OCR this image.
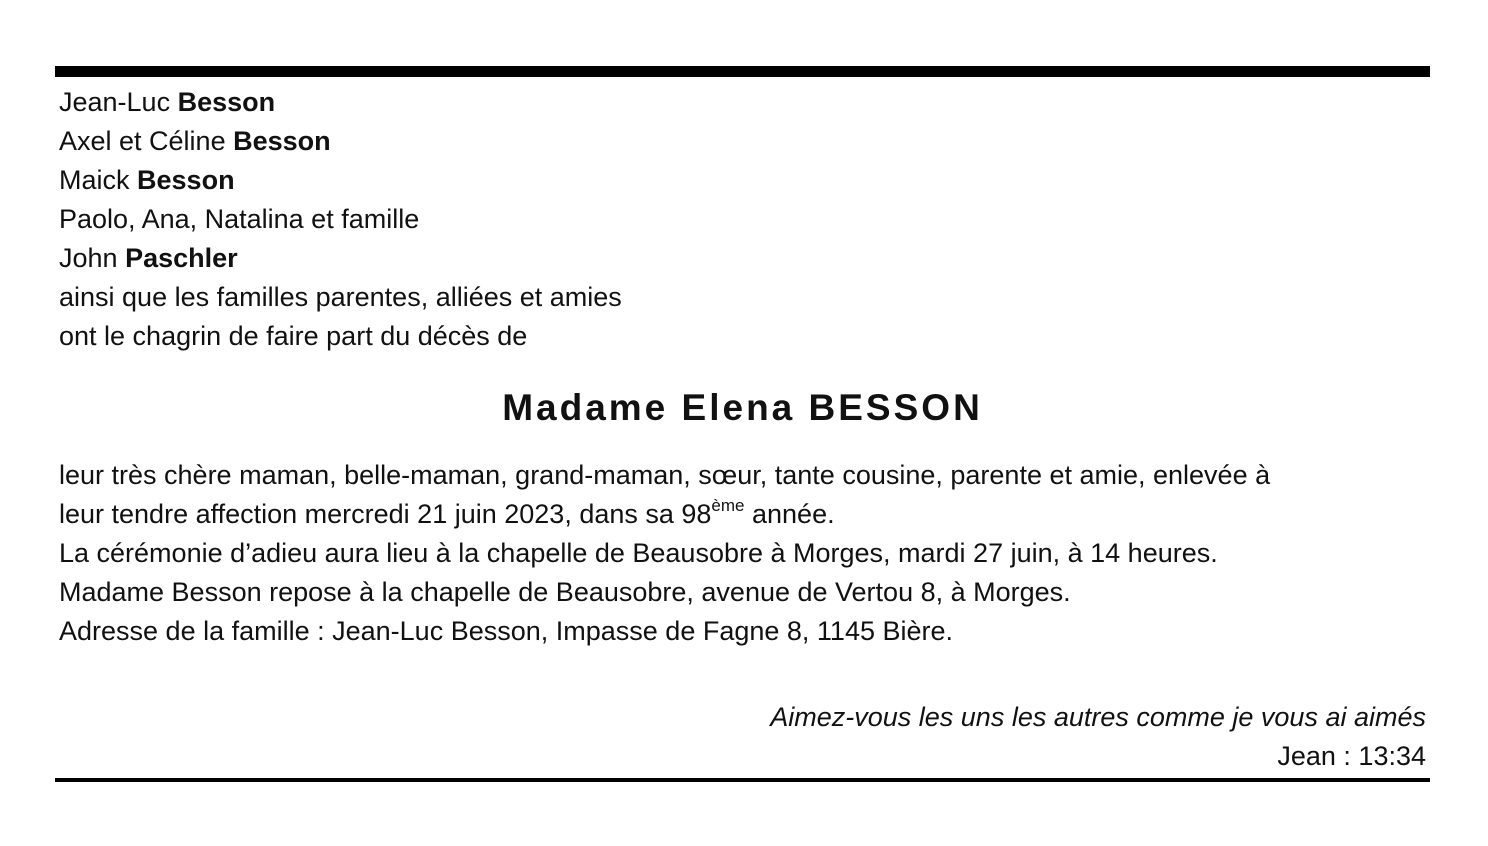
Jean-Luc Besson
Axel et Céline Besson
Maick Besson
Paolo, Ana, Natalina et famille
John Paschler
ainsi que les familles parentes, alliées et amies
ont le chagrin de faire part du décès de
Madame Elena BESSON
leur très chère maman, belle-maman, grand-maman, sœur, tante cousine, parente et amie, enlevée à
leur tendre affection mercredi 21 juin 2023, dans sa 98ème année.
La cérémonie d’adieu aura lieu à la chapelle de Beausobre à Morges, mardi 27 juin, à 14 heures.
Madame Besson repose à la chapelle de Beausobre, avenue de Vertou 8, à Morges.
Adresse de la famille : Jean-Luc Besson, Impasse de Fagne 8, 1145 Bière.
Aimez-vous les uns les autres comme je vous ai aimés
Jean : 13:34
